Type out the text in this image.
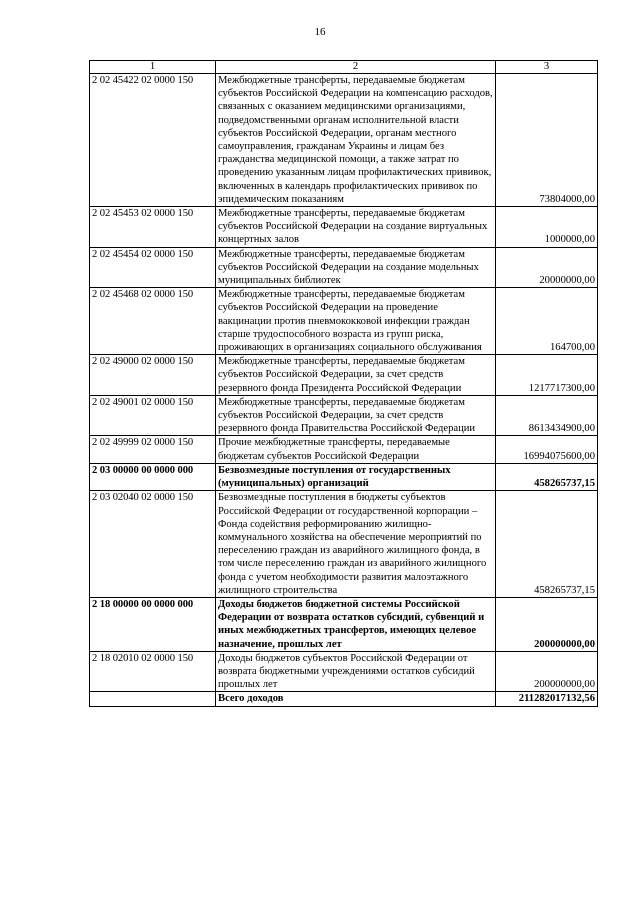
16
1	2	3
2 02 45422 02 0000 150	Межбюджетные трансферты, передаваемые бюджетам субъектов Российской Федерации на компенсацию расходов, связанных с оказанием медицинскими организациями, подведомственными органам исполнительной власти субъектов Российской Федерации, органам местного самоуправления, гражданам Украины и лицам без гражданства медицинской помощи, а также затрат по проведению указанным лицам профилактических прививок, включенных в календарь профилактических прививок по эпидемическим показаниям	73804000,00
2 02 45453 02 0000 150	Межбюджетные трансферты, передаваемые бюджетам субъектов Российской Федерации на создание виртуальных концертных залов	1000000,00
2 02 45454 02 0000 150	Межбюджетные трансферты, передаваемые бюджетам субъектов Российской Федерации на создание модельных муниципальных библиотек	20000000,00
2 02 45468 02 0000 150	Межбюджетные трансферты, передаваемые бюджетам субъектов Российской Федерации на проведение вакцинации против пневмококковой инфекции граждан старше трудоспособного возраста из групп риска, проживающих в организациях социального обслуживания	164700,00
2 02 49000 02 0000 150	Межбюджетные трансферты, передаваемые бюджетам субъектов Российской Федерации, за счет средств резервного фонда Президента Российской Федерации	1217717300,00
2 02 49001 02 0000 150	Межбюджетные трансферты, передаваемые бюджетам субъектов Российской Федерации, за счет средств резервного фонда Правительства Российской Федерации	8613434900,00
2 02 49999 02 0000 150	Прочие межбюджетные трансферты, передаваемые бюджетам субъектов Российской Федерации	16994075600,00
2 03 00000 00 0000 000	Безвозмездные поступления от государственных (муниципальных) организаций	458265737,15
2 03 02040 02 0000 150	Безвозмездные поступления в бюджеты субъектов Российской Федерации от государственной корпорации – Фонда содействия реформированию жилищно-коммунального хозяйства на обеспечение мероприятий по переселению граждан из аварийного жилищного фонда, в том числе переселению граждан из аварийного жилищного фонда с учетом необходимости развития малоэтажного жилищного строительства	458265737,15
2 18 00000 00 0000 000	Доходы бюджетов бюджетной системы Российской Федерации от возврата остатков субсидий, субвенций и иных межбюджетных трансфертов, имеющих целевое назначение, прошлых лет	200000000,00
2 18 02010 02 0000 150	Доходы бюджетов субъектов Российской Федерации от возврата бюджетными учреждениями остатков субсидий прошлых лет	200000000,00
	Всего доходов	211282017132,56
